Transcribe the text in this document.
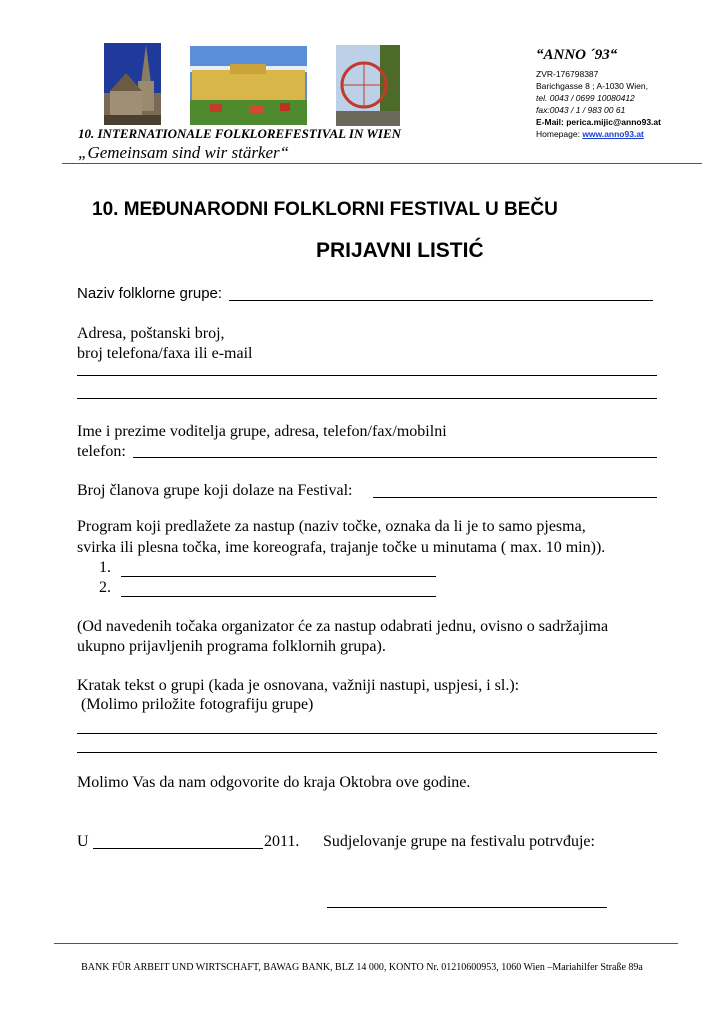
10. INTERNATIONALE FOLKLOREFESTIVAL IN WIEN
„Gemeinsam sind wir stärker“
“ANNO ´93“
ZVR-176798387
Barichgasse 8 ; A-1030 Wien,
tel. 0043 / 0699 10080412
fax:0043 / 1 / 983 00 61
E-Mail: perica.mijic@anno93.at
Homepage: www.anno93.at
10. MEĐUNARODNI FOLKLORNI FESTIVAL U BEČU
PRIJAVNI LISTIĆ
Naziv folklorne grupe:
Adresa, poštanski broj,
broj telefona/faxa ili e-mail
Ime i prezime voditelja grupe, adresa, telefon/fax/mobilni
telefon:
Broj članova grupe koji dolaze na Festival:
Program koji predlažete za nastup (naziv točke, oznaka da li je to samo pjesma,
svirka ili plesna točka, ime koreografa, trajanje točke u minutama ( max. 10 min)).
1.
2.
(Od navedenih točaka organizator će za nastup odabrati jednu, ovisno o sadržajima
ukupno prijavljenih programa folklornih grupa).
Kratak tekst o grupi (kada je osnovana, važniji nastupi, uspjesi, i sl.):
(Molimo priložite fotografiju grupe)
Molimo Vas da nam odgovorite do kraja Oktobra ove godine.
U	2011. Sudjelovanje grupe na festivalu potrvđuje:
BANK FÜR ARBEIT UND WIRTSCHAFT, BAWAG BANK, BLZ 14 000, KONTO Nr. 01210600953, 1060 Wien –Mariahilfer Straße 89a
